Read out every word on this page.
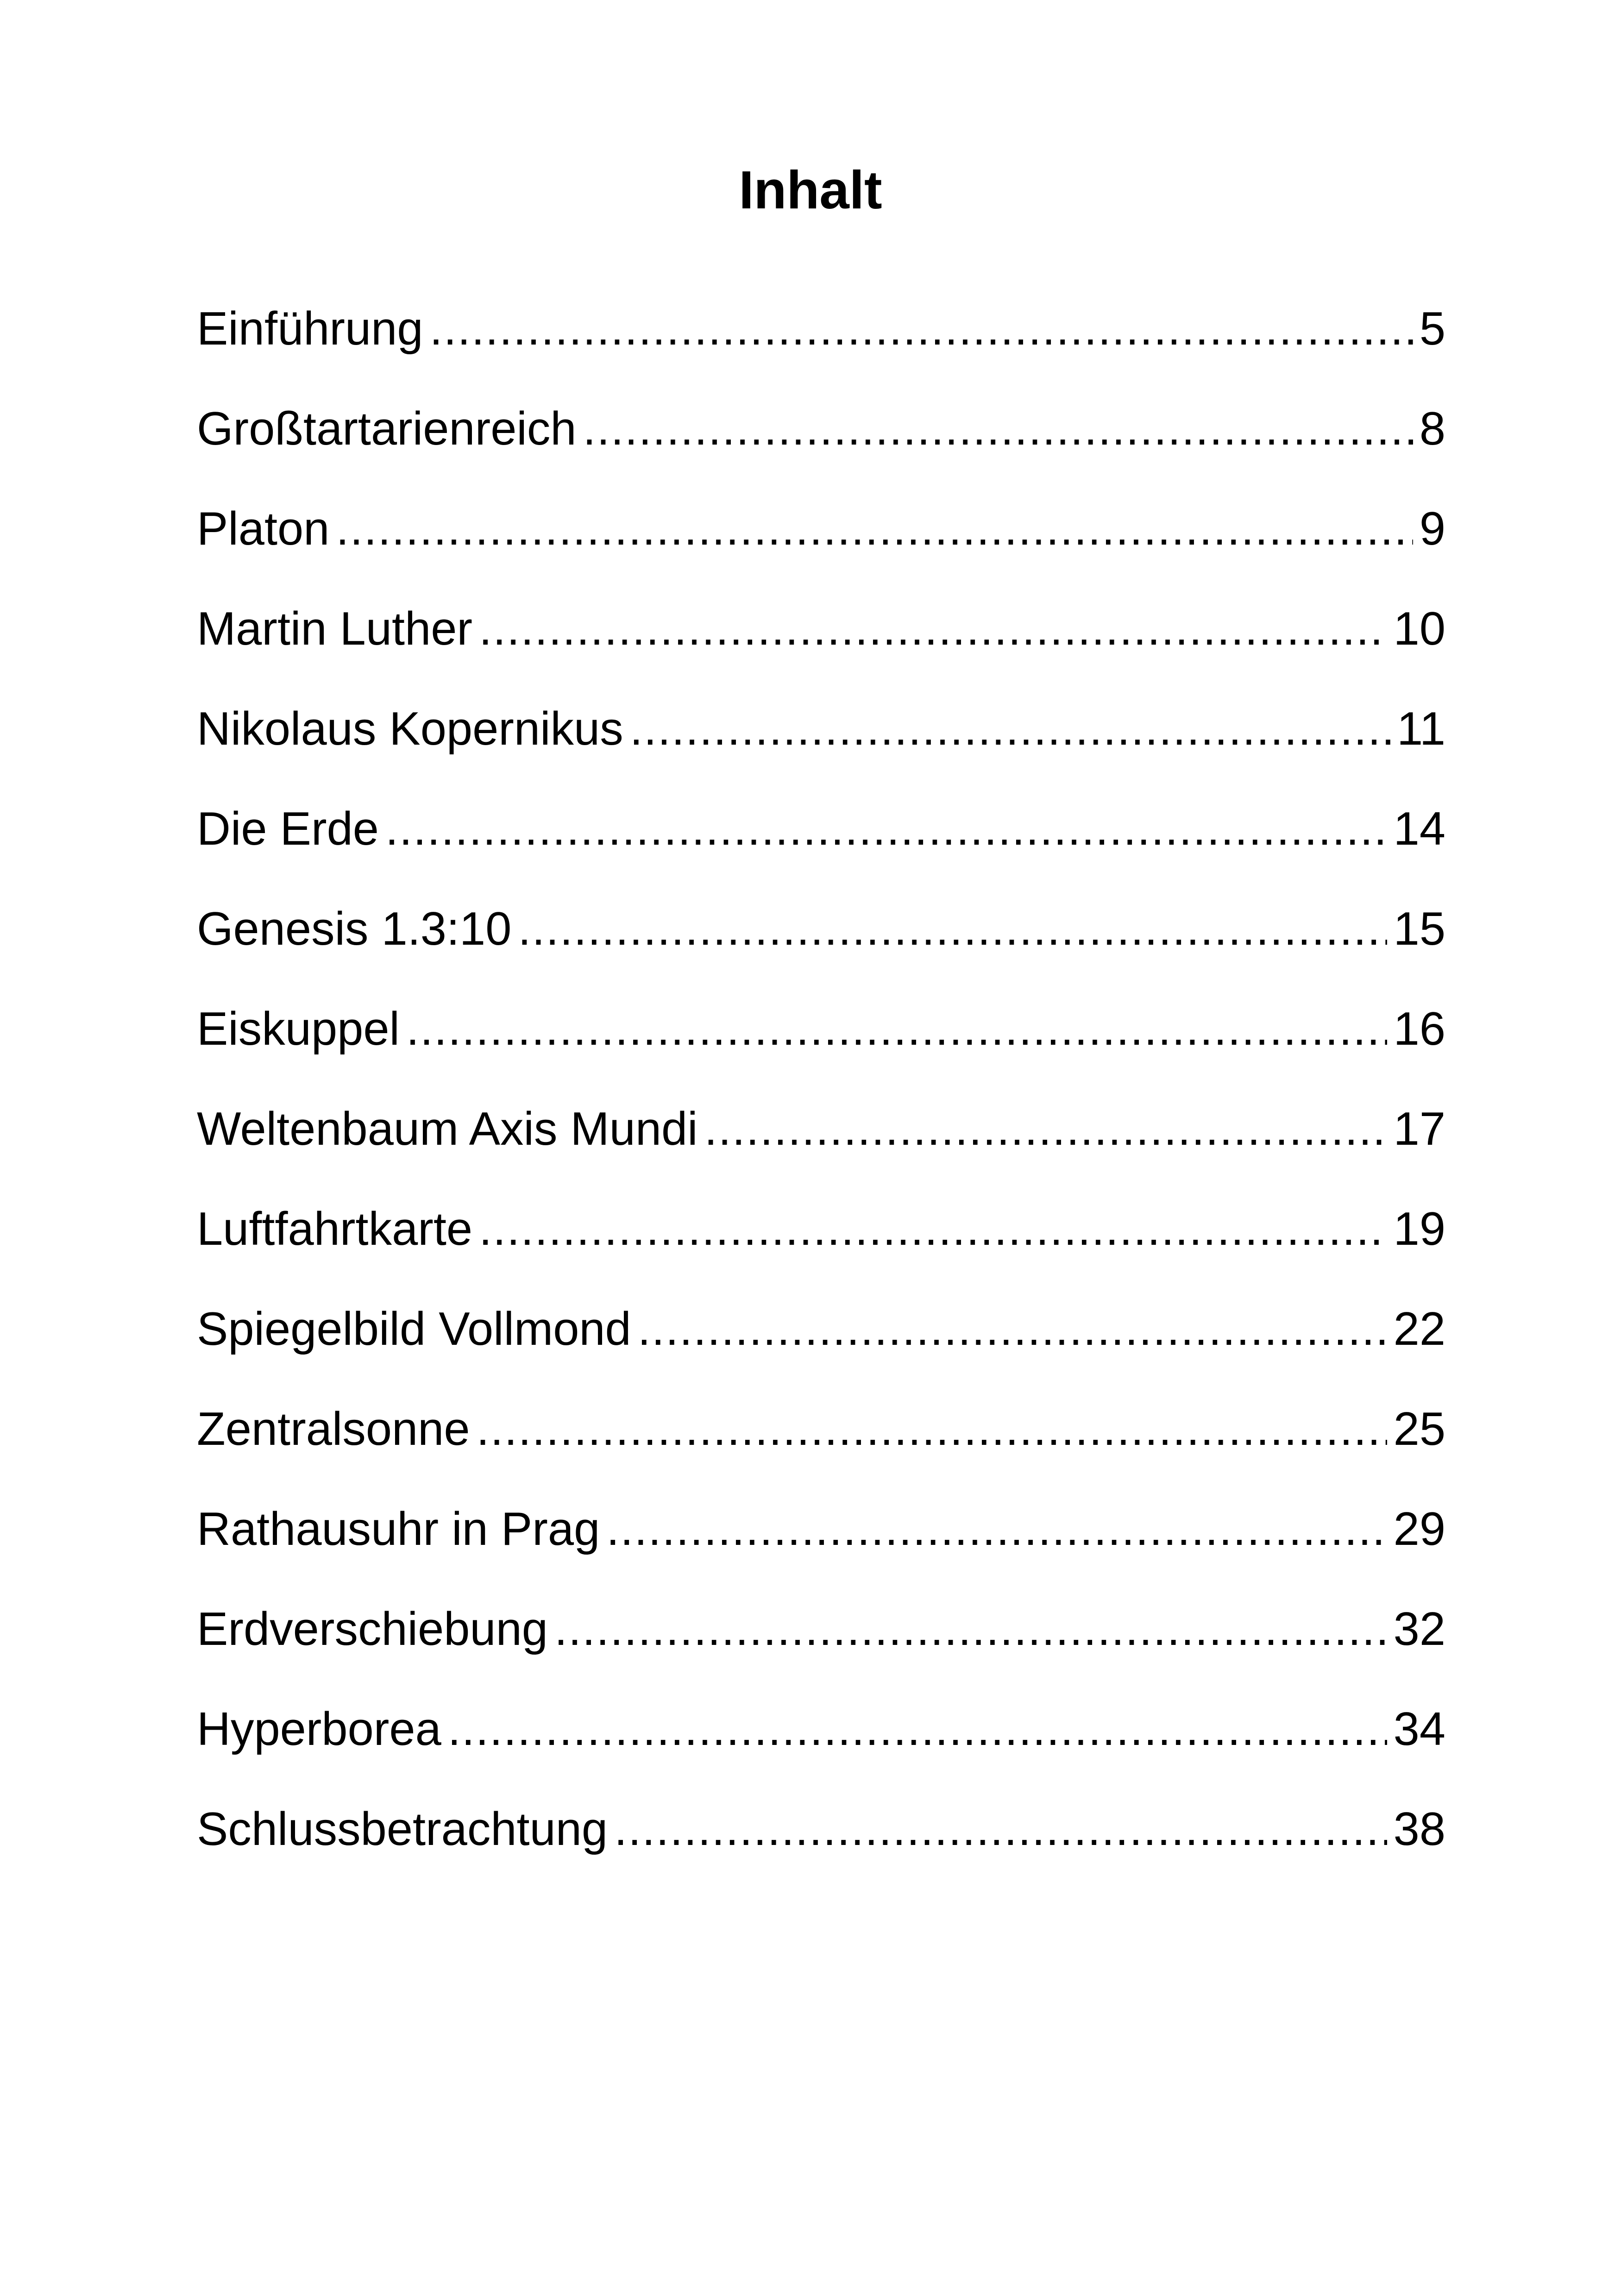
Inhalt
Einführung .....	5
Großtartarienreich .....	8
Platon .....	9
Martin Luther .....	10
Nikolaus Kopernikus .....	11
Die Erde .....	14
Genesis 1.3:10 .....	15
Eiskuppel .....	16
Weltenbaum Axis Mundi .....	17
Luftfahrtkarte .....	19
Spiegelbild Vollmond .....	22
Zentralsonne .....	25
Rathausuhr in Prag .....	29
Erdverschiebung .....	32
Hyperborea .....	34
Schlussbetrachtung .....	38
